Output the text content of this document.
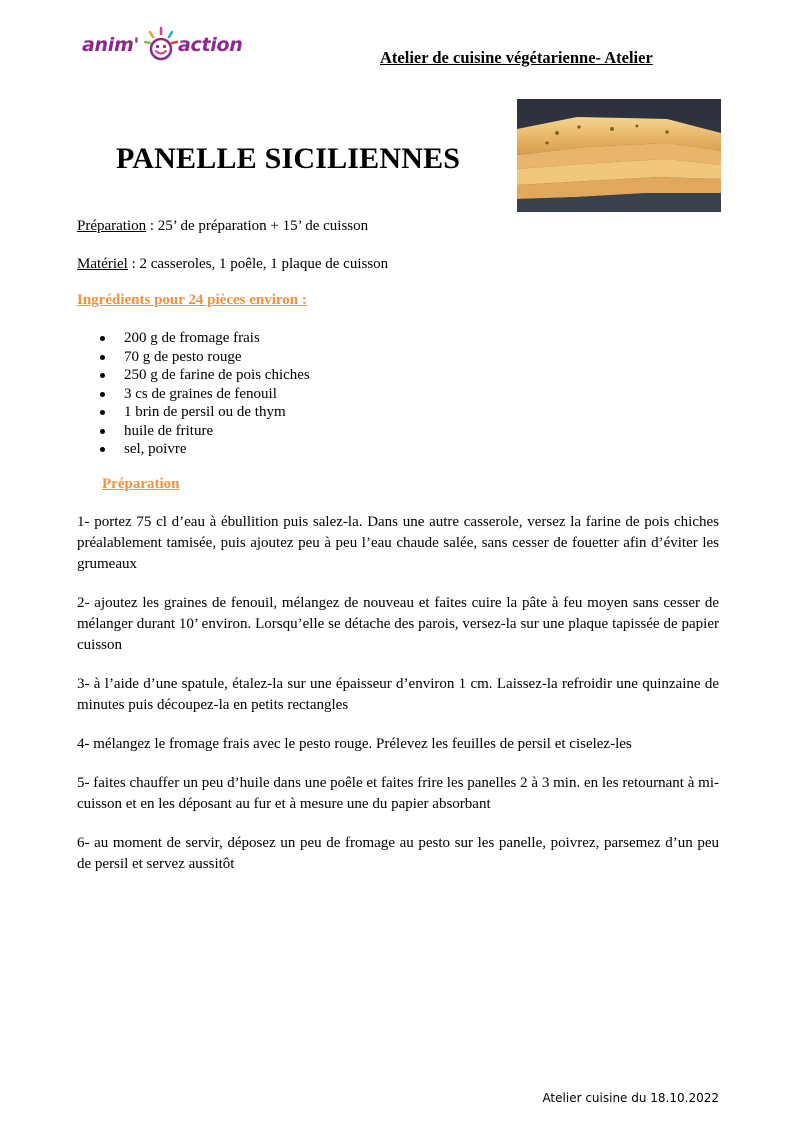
anim' action
Atelier de cuisine végétarienne- Atelier
PANELLE SICILIENNES
Préparation : 25’ de préparation + 15’ de cuisson
Matériel : 2 casseroles, 1 poêle, 1 plaque de cuisson
Ingrédients pour 24 pièces environ :
200 g de fromage frais
70 g de pesto rouge
250 g de farine de pois chiches
3 cs de graines de fenouil
1 brin de persil ou de thym
huile de friture
sel, poivre
Préparation

1- portez 75 cl d’eau à ébullition puis salez-la. Dans une autre casserole, versez la farine de pois chiches préalablement tamisée, puis ajoutez peu à peu l’eau chaude salée, sans cesser de fouetter afin d’éviter les grumeaux

2- ajoutez les graines de fenouil, mélangez de nouveau et faites cuire la pâte à feu moyen sans cesser de mélanger durant 10’ environ. Lorsqu’elle se détache des parois, versez-la sur une plaque tapissée de papier cuisson

3- à l’aide d’une spatule, étalez-la sur une épaisseur d’environ 1 cm. Laissez-la refroidir une quinzaine de minutes puis découpez-la en petits rectangles

4- mélangez le fromage frais avec le pesto rouge. Prélevez les feuilles de persil et ciselez-les

5- faites chauffer un peu d’huile dans une poêle et faites frire les panelles 2 à 3 min. en les retournant à mi-cuisson et en les déposant au fur et à mesure une du papier absorbant

6- au moment de servir, déposez un peu de fromage au pesto sur les panelle, poivrez, parsemez d’un peu de persil et servez aussitôt

Atelier cuisine du 18.10.2022
